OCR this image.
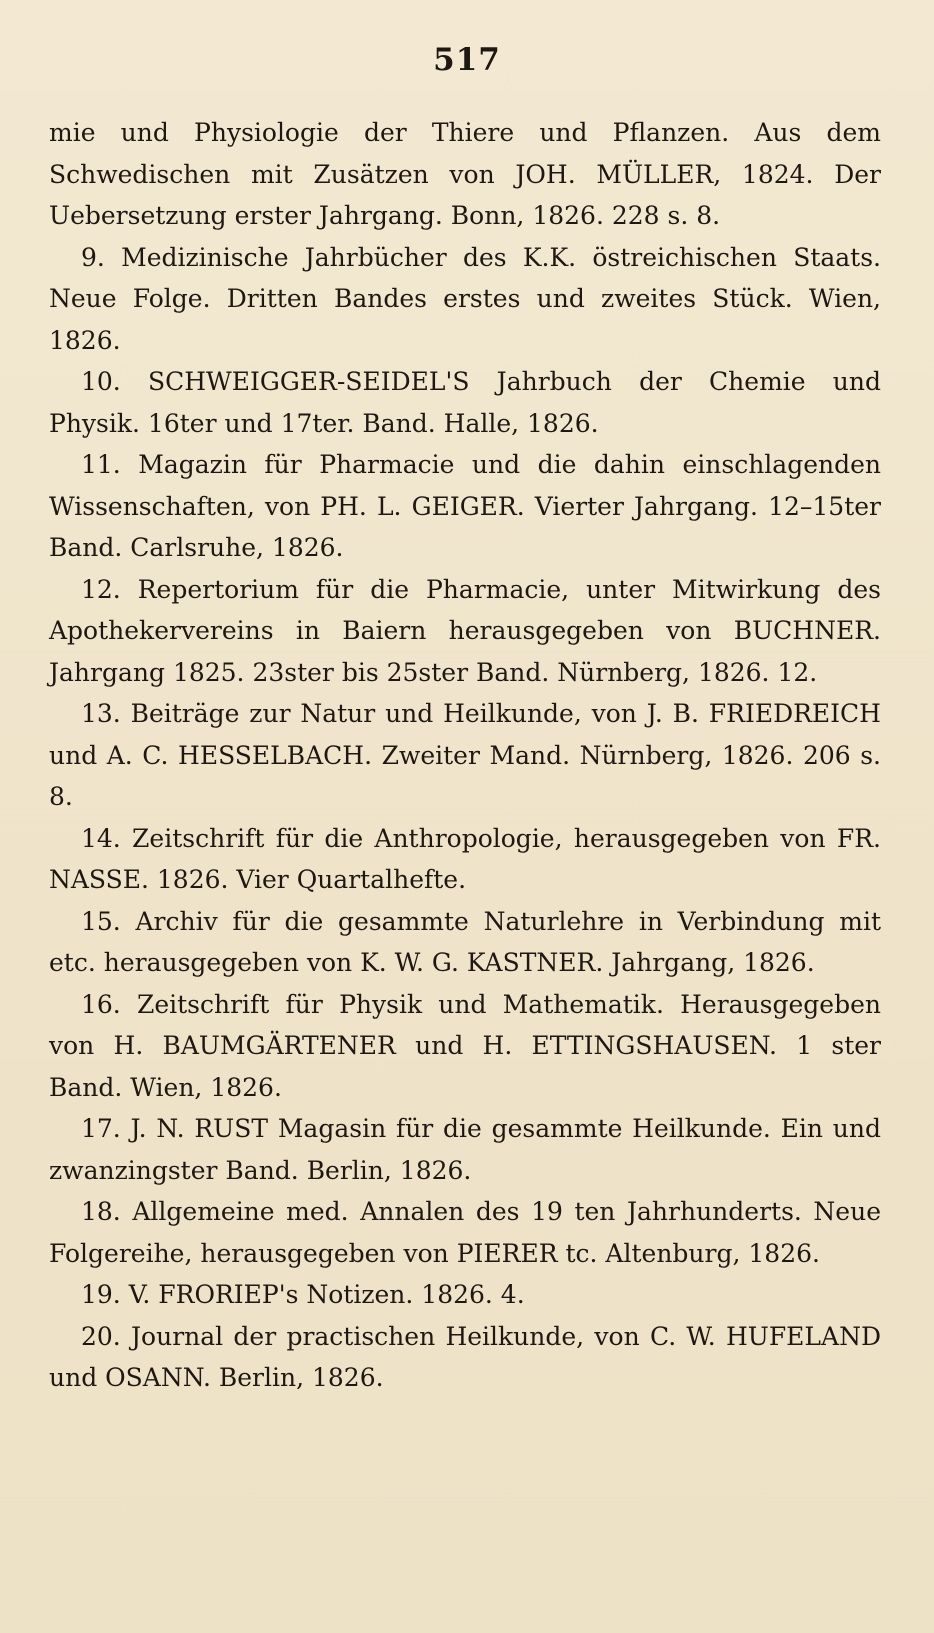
517

mie und Physiologie der Thiere und Pflanzen. Aus dem Schwedischen mit Zusätzen von JOH. MÜLLER, 1824. Der Uebersetzung erster Jahrgang. Bonn, 1826. 228 s. 8.

9. Medizinische Jahrbücher des K.K. östreichischen Staats. Neue Folge. Dritten Bandes erstes und zweites Stück. Wien, 1826.

10. SCHWEIGGER-SEIDEL'S Jahrbuch der Chemie und Physik. 16ter und 17ter. Band. Halle, 1826.

11. Magazin für Pharmacie und die dahin einschlagenden Wissenschaften, von PH. L. GEIGER. Vierter Jahrgang. 12–15ter Band. Carlsruhe, 1826.

12. Repertorium für die Pharmacie, unter Mitwirkung des Apothekervereins in Baiern herausgegeben von BUCHNER. Jahrgang 1825. 23ster bis 25ster Band. Nürnberg, 1826. 12.

13. Beiträge zur Natur und Heilkunde, von J. B. FRIEDREICH und A. C. HESSELBACH. Zweiter Mand. Nürnberg, 1826. 206 s. 8.

14. Zeitschrift für die Anthropologie, herausgegeben von FR. NASSE. 1826. Vier Quartalhefte.

15. Archiv für die gesammte Naturlehre in Verbindung mit etc. herausgegeben von K. W. G. KASTNER. Jahrgang, 1826.

16. Zeitschrift für Physik und Mathematik. Herausgegeben von H. BAUMGÄRTENER und H. ETTINGSHAUSEN. 1 ster Band. Wien, 1826.

17. J. N. RUST Magasin für die gesammte Heilkunde. Ein und zwanzingster Band. Berlin, 1826.

18. Allgemeine med. Annalen des 19 ten Jahrhunderts. Neue Folgereihe, herausgegeben von PIERER tc. Altenburg, 1826.

19. V. FRORIEP's Notizen. 1826. 4.

20. Journal der practischen Heilkunde, von C. W. HUFELAND und OSANN. Berlin, 1826.
